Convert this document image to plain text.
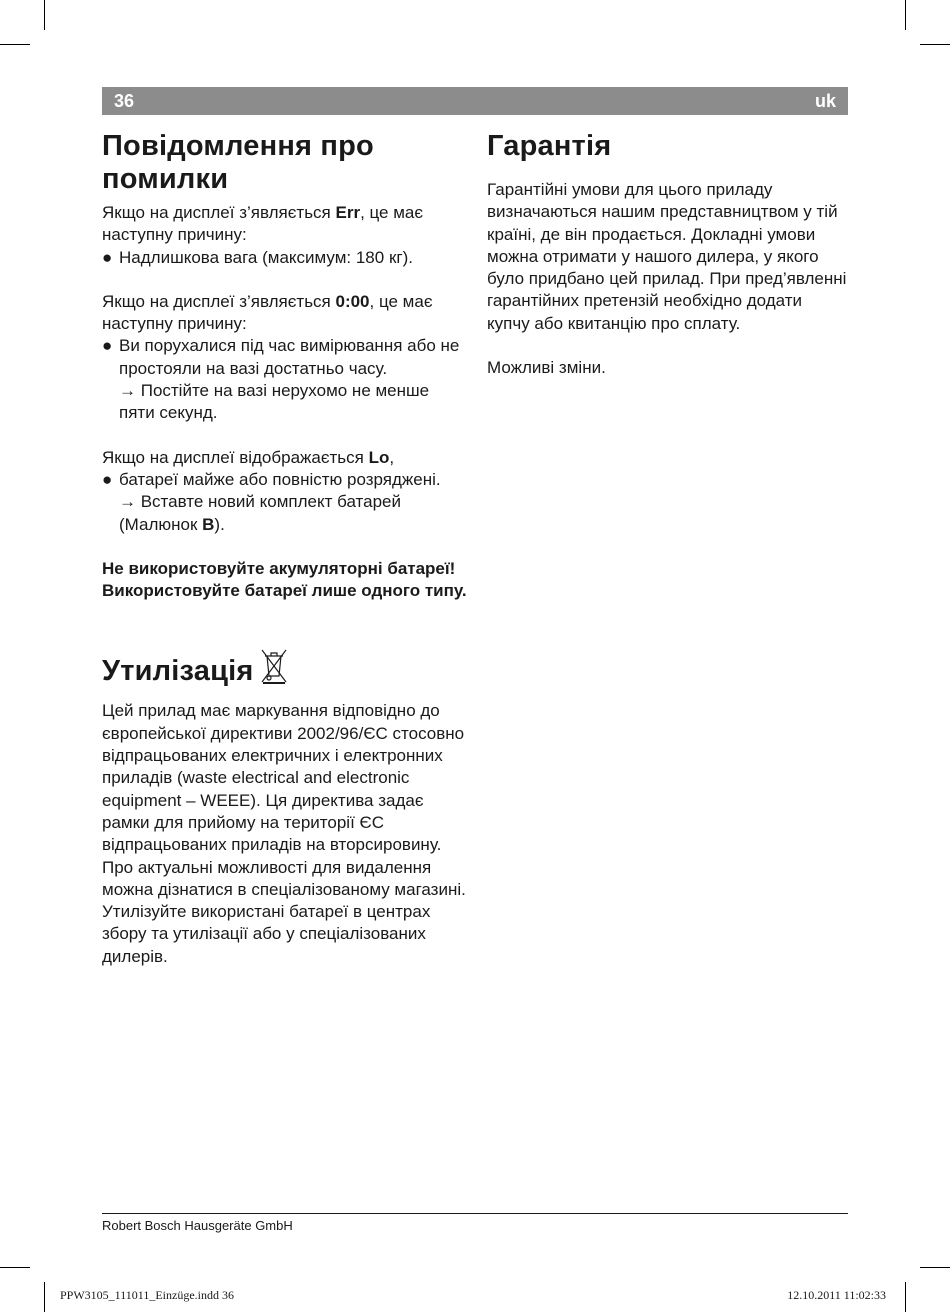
36	uk
Повідомлення про помилки

Якщо на дисплеї з’являється Err, це має наступну причину:

● Надлишкова вага (максимум: 180 кг).

Якщо на дисплеї з’являється 0:00, це має наступну причину:

● Ви поруxалися під час вимірювання або не простояли на вазі достатньо часу.

→ Постійте на вазі нерухомо не менше пяти секунд.

Якщо на дисплеї відображається Lo,

● батареї майже або повністю розряджені.

→ Вставте новий комплект батарей (Малюнок B).

Не використовуйте акумуляторні батареї! Використовуйте батареї лише одного типу.

Утилізація

Цей прилад має маркування відповідно до європейської директиви 2002/96/ЄС стосовно відпрацьованих електричних і електронних приладів (waste electrical and electronic equipment – WEEE). Ця директива задає рамки для прийому на території ЄС відпрацьованих приладів на вторсировину.

Про актуальні можливості для видалення можна дізнатися в спеціалізованому магазині.

Утилізуйте використані батареї в центрах збору та утилізації або у спеціалізованих дилерів.

Гарантія

Гарантійні умови для цього приладу визначаються нашим представництвом у тій країні, де він продається. Докладні умови можна отримати у нашого дилера, у якого було придбано цей прилад. При пред’явленні гарантійних претензій необхідно додати купчу або квитанцію про сплату.

Можливі зміни.

Robert Bosch Hausgeräte GmbH
PPW3105_111011_Einzüge.indd 36	12.10.2011 11:02:33
